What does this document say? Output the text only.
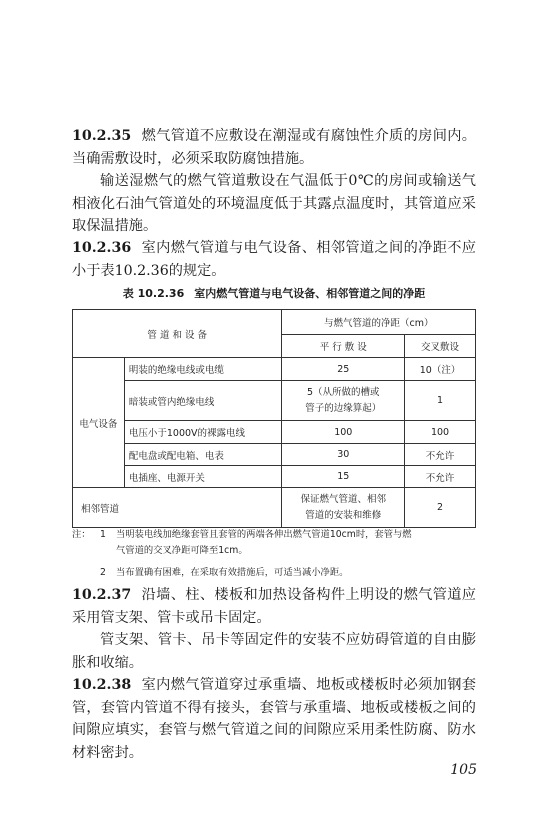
10.2.35 燃气管道不应敷设在潮湿或有腐蚀性介质的房间内。当确需敷设时，必须采取防腐蚀措施。

输送湿燃气的燃气管道敷设在气温低于0℃的房间或输送气相液化石油气管道处的环境温度低于其露点温度时，其管道应采取保温措施。

10.2.36 室内燃气管道与电气设备、相邻管道之间的净距不应小于表10.2.36的规定。

表 10.2.36 室内燃气管道与电气设备、相邻管道之间的净距
管 道 和 设 备		与燃气管道的净距（cm）	
		平 行 敷 设	交叉敷设
电气设备	明装的绝缘电线或电缆	25	10（注）
	暗装或管内绝缘电线	5（从所做的槽或
管子的边缘算起）	1
	电压小于1000V的裸露电线	100	100
	配电盘或配电箱、电表	30	不允许
	电插座、电源开关	15	不允许
相邻管道		保证燃气管道、相邻
管道的安装和维修	2
注： 1 当明装电线加绝缘套管且套管的两端各伸出燃气管道10cm时，套管与燃
气管道的交叉净距可降至1cm。
2 当布置确有困难，在采取有效措施后，可适当减小净距。

10.2.37 沿墙、柱、楼板和加热设备构件上明设的燃气管道应采用管支架、管卡或吊卡固定。

管支架、管卡、吊卡等固定件的安装不应妨碍管道的自由膨胀和收缩。

10.2.38 室内燃气管道穿过承重墙、地板或楼板时必须加钢套管，套管内管道不得有接头，套管与承重墙、地板或楼板之间的间隙应填实，套管与燃气管道之间的间隙应采用柔性防腐、防水材料密封。

105
